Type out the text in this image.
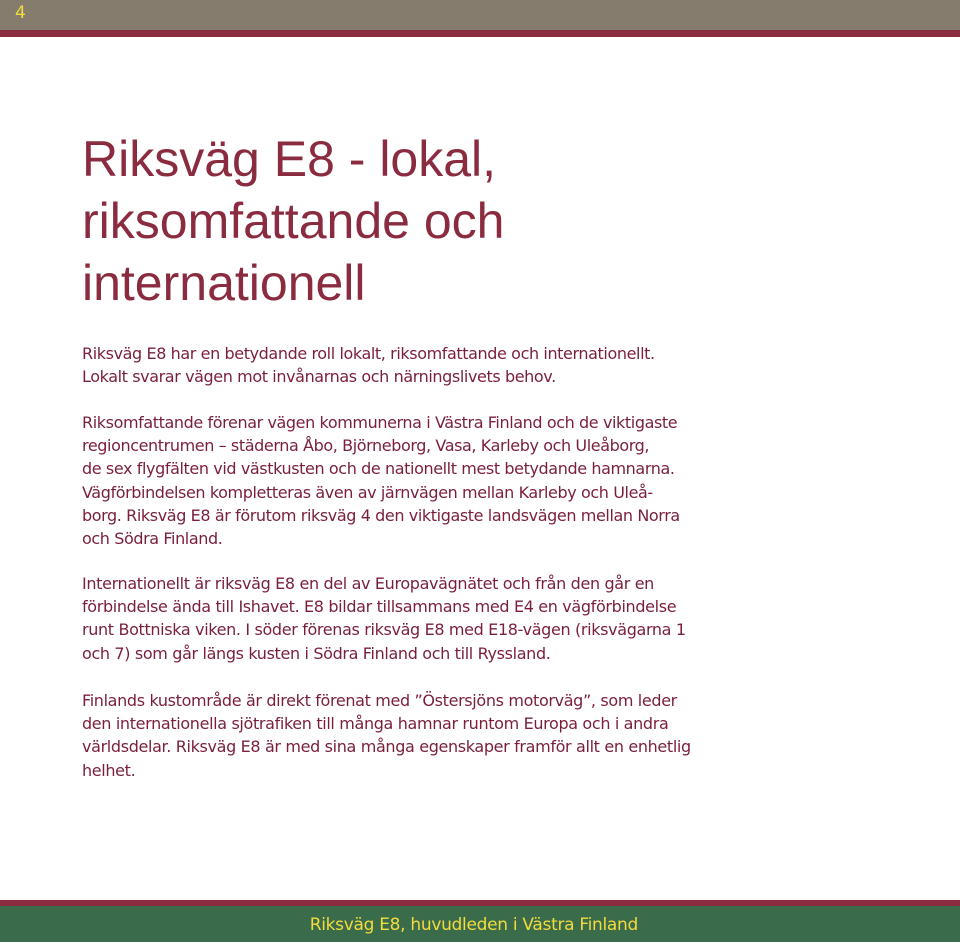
4
Riksväg E8 - lokal,
riksomfattande och
internationell

Riksväg E8 har en betydande roll lokalt, riksomfattande och internationellt.
Lokalt svarar vägen mot invånarnas och närningslivets behov.

Riksomfattande förenar vägen kommunerna i Västra Finland och de viktigaste
regioncentrumen – städerna Åbo, Björneborg, Vasa, Karleby och Uleåborg,
de sex flygfälten vid västkusten och de nationellt mest betydande hamnarna.
Vägförbindelsen kompletteras även av järnvägen mellan Karleby och Uleå-
borg. Riksväg E8 är förutom riksväg 4 den viktigaste landsvägen mellan Norra
och Södra Finland.

Internationellt är riksväg E8 en del av Europavägnätet och från den går en
förbindelse ända till Ishavet. E8 bildar tillsammans med E4 en vägförbindelse
runt Bottniska viken. I söder förenas riksväg E8 med E18-vägen (riksvägarna 1
och 7) som går längs kusten i Södra Finland och till Ryssland.

Finlands kustområde är direkt förenat med ”Östersjöns motorväg”, som leder
den internationella sjötrafiken till många hamnar runtom Europa och i andra
världsdelar. Riksväg E8 är med sina många egenskaper framför allt en enhetlig
helhet.

Riksväg E8, huvudleden i Västra Finland
